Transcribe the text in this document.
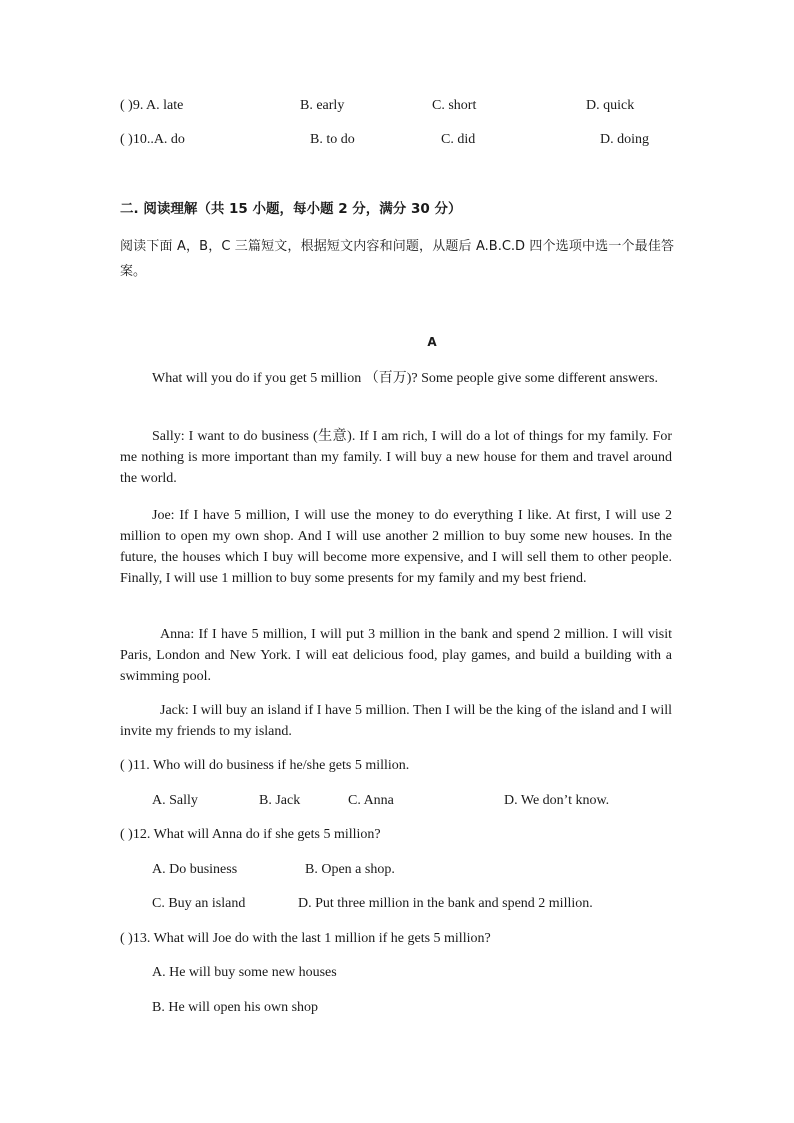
( )9. A. late	B. early	C. short	D. quick
( )10..A. do	B. to do	C. did	D. doing
二. 阅读理解（共 15 小题，每小题 2 分，满分 30 分）
阅读下面 A，B，C 三篇短文，根据短文内容和问题，从题后 A.B.C.D 四个选项中选一个最佳答案。
A
What will you do if you get 5 million （百万)? Some people give some different answers.
Sally: I want to do business (生意). If I am rich, I will do a lot of things for my family. For me nothing is more important than my family. I will buy a new house for them and travel around the world.
Joe: If I have 5 million, I will use the money to do everything I like. At first, I will use 2 million to open my own shop. And I will use another 2 million to buy some new houses. In the future, the houses which I buy will become more expensive, and I will sell them to other people. Finally, I will use 1 million to buy some presents for my family and my best friend.
Anna: If I have 5 million, I will put 3 million in the bank and spend 2 million. I will visit Paris, London and New York. I will eat delicious food, play games, and build a building with a swimming pool.
Jack: I will buy an island if I have 5 million. Then I will be the king of the island and I will invite my friends to my island.
( )11. Who will do business if he/she gets 5 million.
A. Sally	B. Jack	C. Anna	D. We don’t know.
( )12. What will Anna do if she gets 5 million?
A. Do business	B. Open a shop.
C. Buy an island	D. Put three million in the bank and spend 2 million.
( )13. What will Joe do with the last 1 million if he gets 5 million?
A. He will buy some new houses
B. He will open his own shop
